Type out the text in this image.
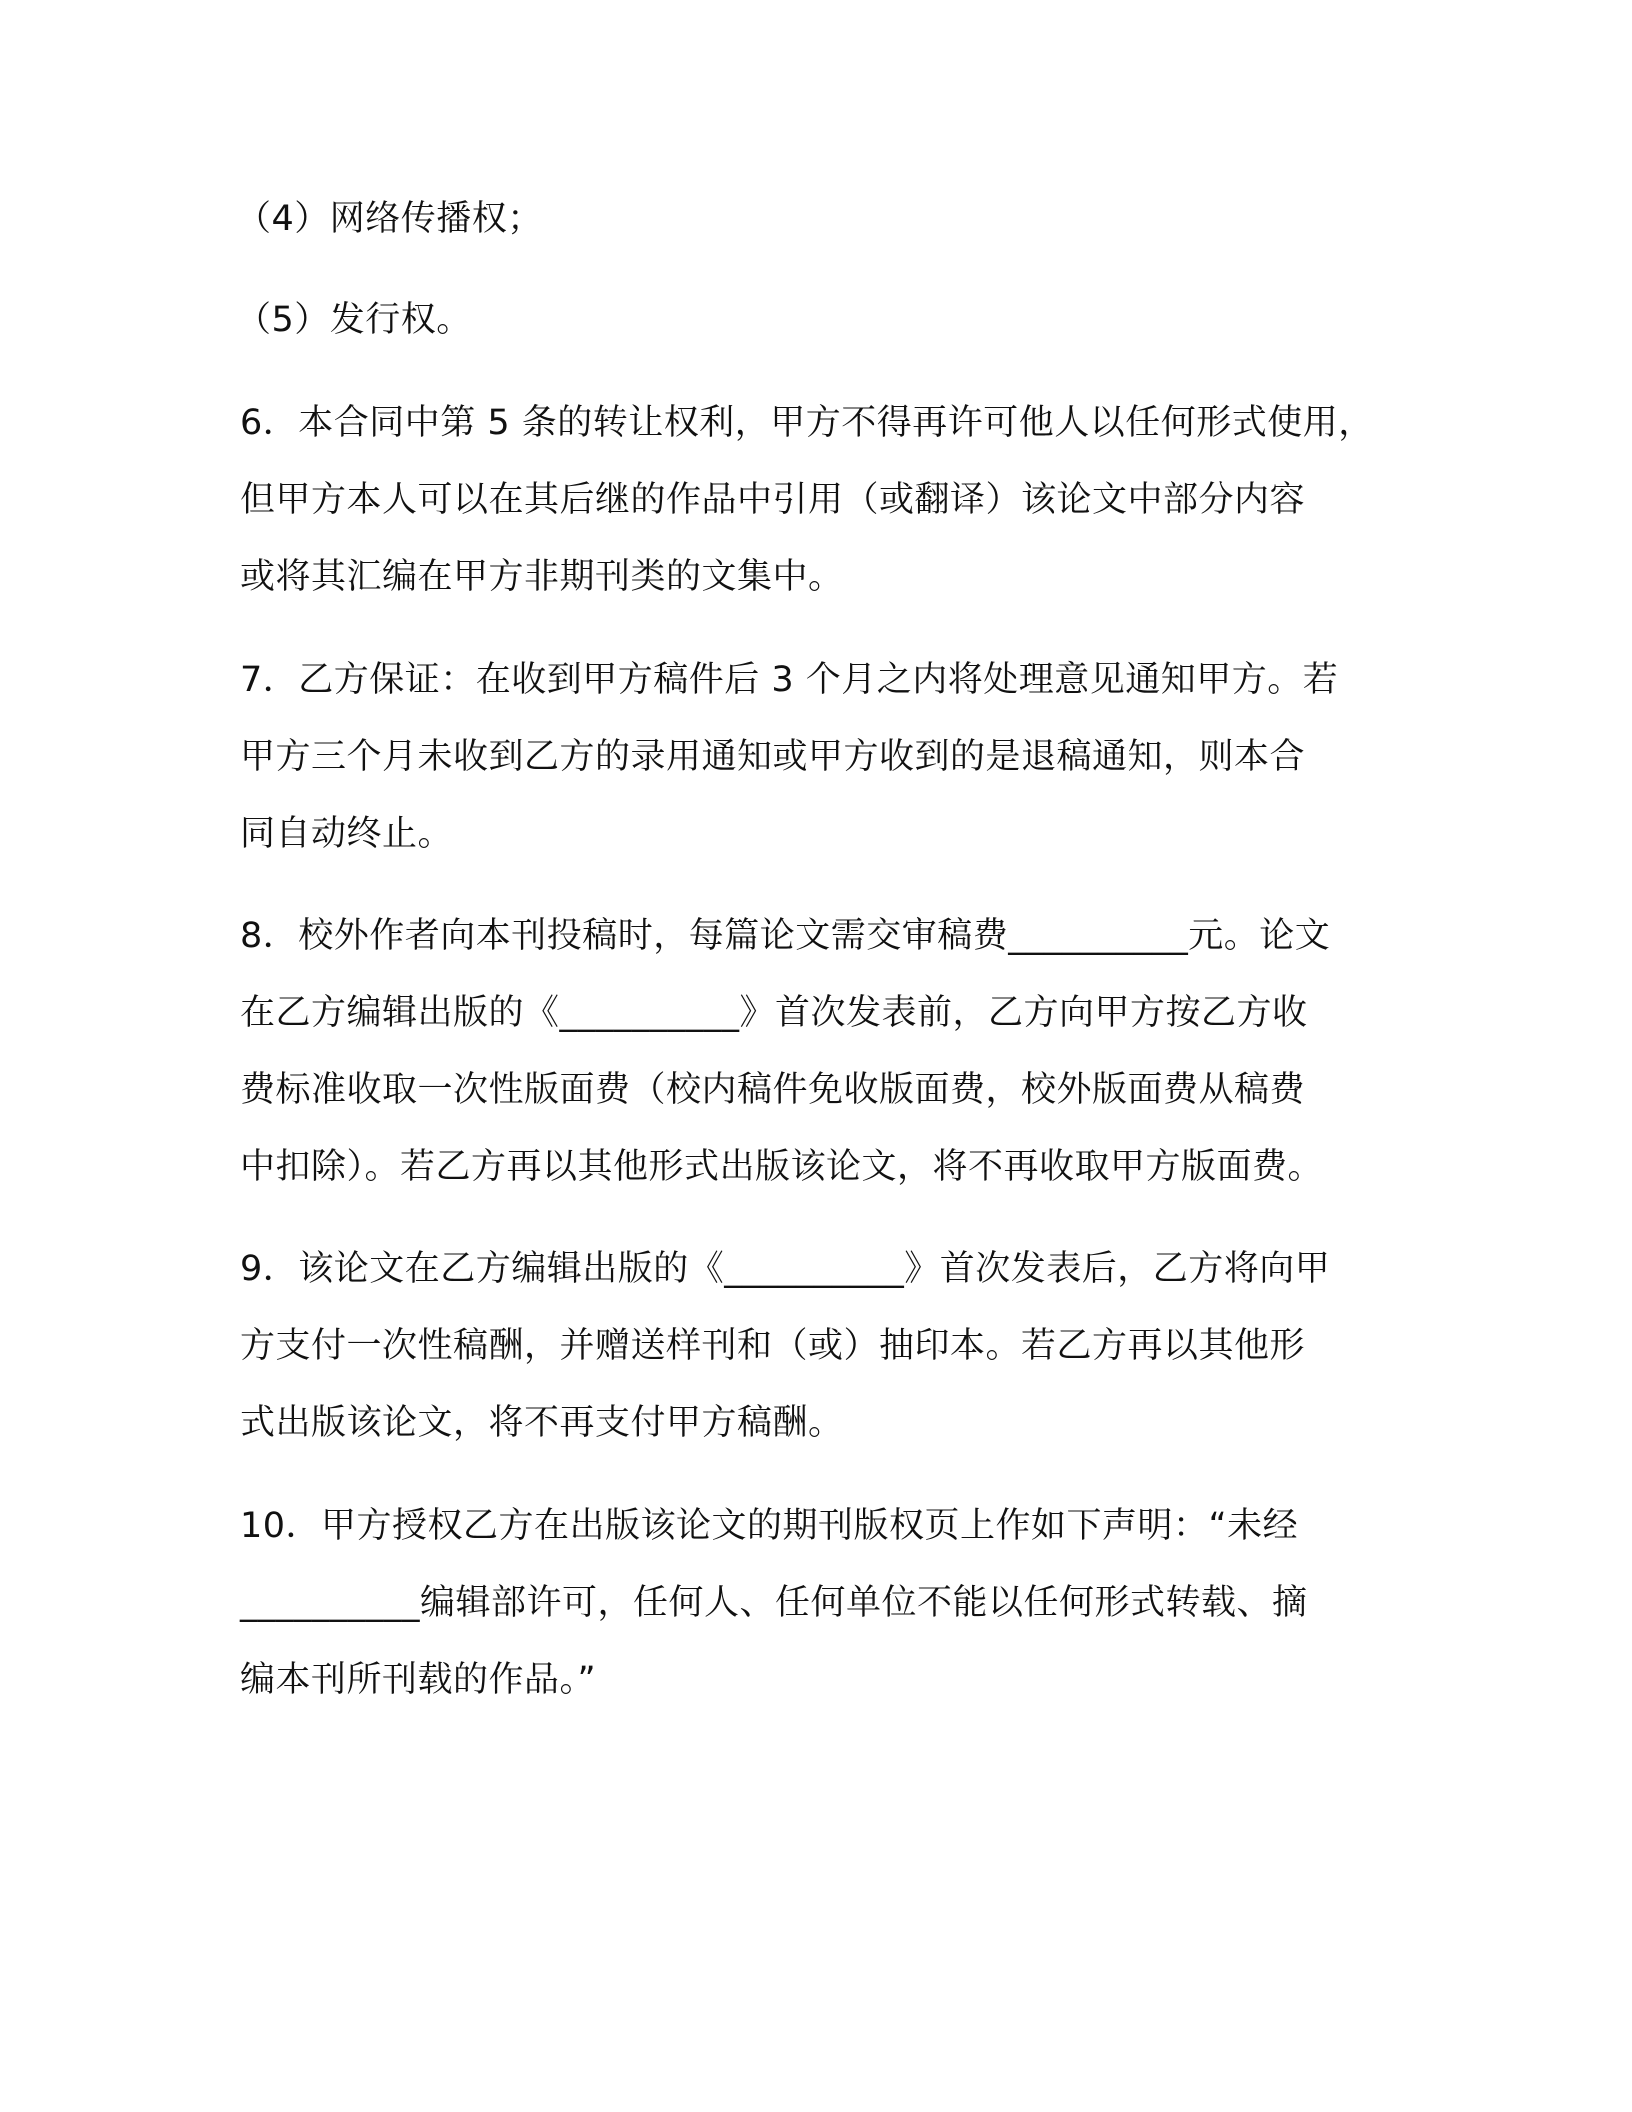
（4）网络传播权；
（5）发行权。
6．本合同中第 5 条的转让权利，甲方不得再许可他人以任何形式使用，
但甲方本人可以在其后继的作品中引用（或翻译）该论文中部分内容
或将其汇编在甲方非期刊类的文集中。
7．乙方保证：在收到甲方稿件后 3 个月之内将处理意见通知甲方。若
甲方三个月未收到乙方的录用通知或甲方收到的是退稿通知，则本合
同自动终止。
8．校外作者向本刊投稿时，每篇论文需交审稿费__________元。论文
在乙方编辑出版的《__________》首次发表前，乙方向甲方按乙方收
费标准收取一次性版面费（校内稿件免收版面费，校外版面费从稿费
中扣除）。若乙方再以其他形式出版该论文，将不再收取甲方版面费。
9．该论文在乙方编辑出版的《__________》首次发表后，乙方将向甲
方支付一次性稿酬，并赠送样刊和（或）抽印本。若乙方再以其他形
式出版该论文，将不再支付甲方稿酬。
10．甲方授权乙方在出版该论文的期刊版权页上作如下声明：“未经
__________编辑部许可，任何人、任何单位不能以任何形式转载、摘
编本刊所刊载的作品。”
